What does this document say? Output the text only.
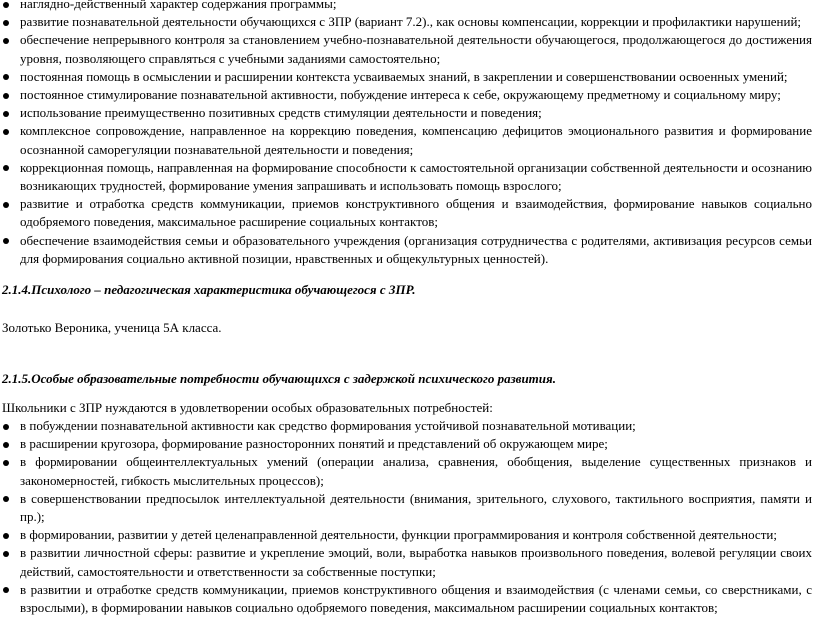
наглядно-действенный характер содержания программы;
развитие познавательной деятельности обучающихся с ЗПР (вариант 7.2)., как основы компенсации, коррекции и профилактики нарушений;
обеспечение непрерывного контроля за становлением учебно-познавательной деятельности обучающегося, продолжающегося до достижения уровня, позволяющего справляться с учебными заданиями самостоятельно;
постоянная помощь в осмыслении и расширении контекста усваиваемых знаний, в закреплении и совершенствовании освоенных умений;
постоянное стимулирование познавательной активности, побуждение интереса к себе, окружающему предметному и социальному миру;
использование преимущественно позитивных средств стимуляции деятельности и поведения;
комплексное сопровождение, направленное на коррекцию поведения, компенсацию дефицитов эмоционального развития и формирование осознанной саморегуляции познавательной деятельности и поведения;
коррекционная помощь, направленная на формирование способности к самостоятельной организации собственной деятельности и осознанию возникающих трудностей, формирование умения запрашивать и использовать помощь взрослого;
развитие и отработка средств коммуникации, приемов конструктивного общения и взаимодействия, формирование навыков социально одобряемого поведения, максимальное расширение социальных контактов;
обеспечение взаимодействия семьи и образовательного учреждения (организация сотрудничества с родителями, активизация ресурсов семьи для формирования социально активной позиции, нравственных и общекультурных ценностей).
2.1.4.Психолого – педагогическая характеристика обучающегося с ЗПР.
Золотько Вероника, ученица 5А класса.
2.1.5.Особые образовательные потребности обучающихся с задержкой психического развития.
Школьники с ЗПР нуждаются в удовлетворении особых образовательных потребностей:
в побуждении познавательной активности как средство формирования устойчивой познавательной мотивации;
в расширении кругозора, формирование разносторонних понятий и представлений об окружающем мире;
в формировании общеинтеллектуальных умений (операции анализа, сравнения, обобщения, выделение существенных признаков и закономерностей, гибкость мыслительных процессов);
в совершенствовании предпосылок интеллектуальной деятельности (внимания, зрительного, слухового, тактильного восприятия, памяти и пр.);
в формировании, развитии у детей целенаправленной деятельности, функции программирования и контроля собственной деятельности;
в развитии личностной сферы: развитие и укрепление эмоций, воли, выработка навыков произвольного поведения, волевой регуляции своих действий, самостоятельности и ответственности за собственные поступки;
в развитии и отработке средств коммуникации, приемов конструктивного общения и взаимодействия (с членами семьи, со сверстниками, с взрослыми), в формировании навыков социально одобряемого поведения, максимальном расширении социальных контактов;
